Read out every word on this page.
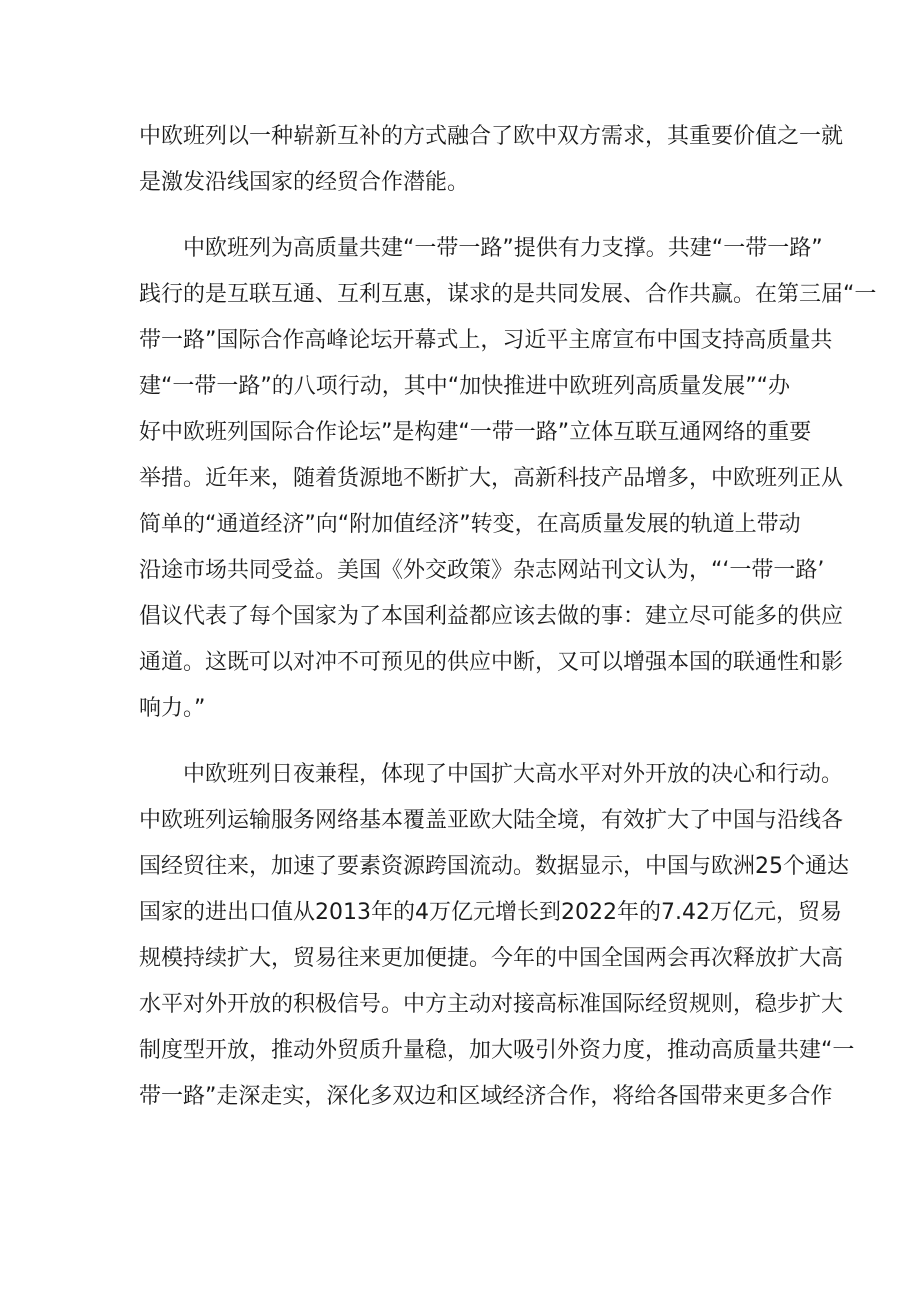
中欧班列以一种崭新互补的方式融合了欧中双方需求，其重要价值之一就
是激发沿线国家的经贸合作潜能。
中欧班列为高质量共建“一带一路”提供有力支撑。共建“一带一路”
践行的是互联互通、互利互惠，谋求的是共同发展、合作共赢。在第三届“一
带一路”国际合作高峰论坛开幕式上，习近平主席宣布中国支持高质量共
建“一带一路”的八项行动，其中“加快推进中欧班列高质量发展”“办
好中欧班列国际合作论坛”是构建“一带一路”立体互联互通网络的重要
举措。近年来，随着货源地不断扩大，高新科技产品增多，中欧班列正从
简单的“通道经济”向“附加值经济”转变，在高质量发展的轨道上带动
沿途市场共同受益。美国《外交政策》杂志网站刊文认为，“‘一带一路’
倡议代表了每个国家为了本国利益都应该去做的事：建立尽可能多的供应
通道。这既可以对冲不可预见的供应中断，又可以增强本国的联通性和影
响力。”
中欧班列日夜兼程，体现了中国扩大高水平对外开放的决心和行动。
中欧班列运输服务网络基本覆盖亚欧大陆全境，有效扩大了中国与沿线各
国经贸往来，加速了要素资源跨国流动。数据显示，中国与欧洲25个通达
国家的进出口值从2013年的4万亿元增长到2022年的7.42万亿元，贸易
规模持续扩大，贸易往来更加便捷。今年的中国全国两会再次释放扩大高
水平对外开放的积极信号。中方主动对接高标准国际经贸规则，稳步扩大
制度型开放，推动外贸质升量稳，加大吸引外资力度，推动高质量共建“一
带一路”走深走实，深化多双边和区域经济合作，将给各国带来更多合作
